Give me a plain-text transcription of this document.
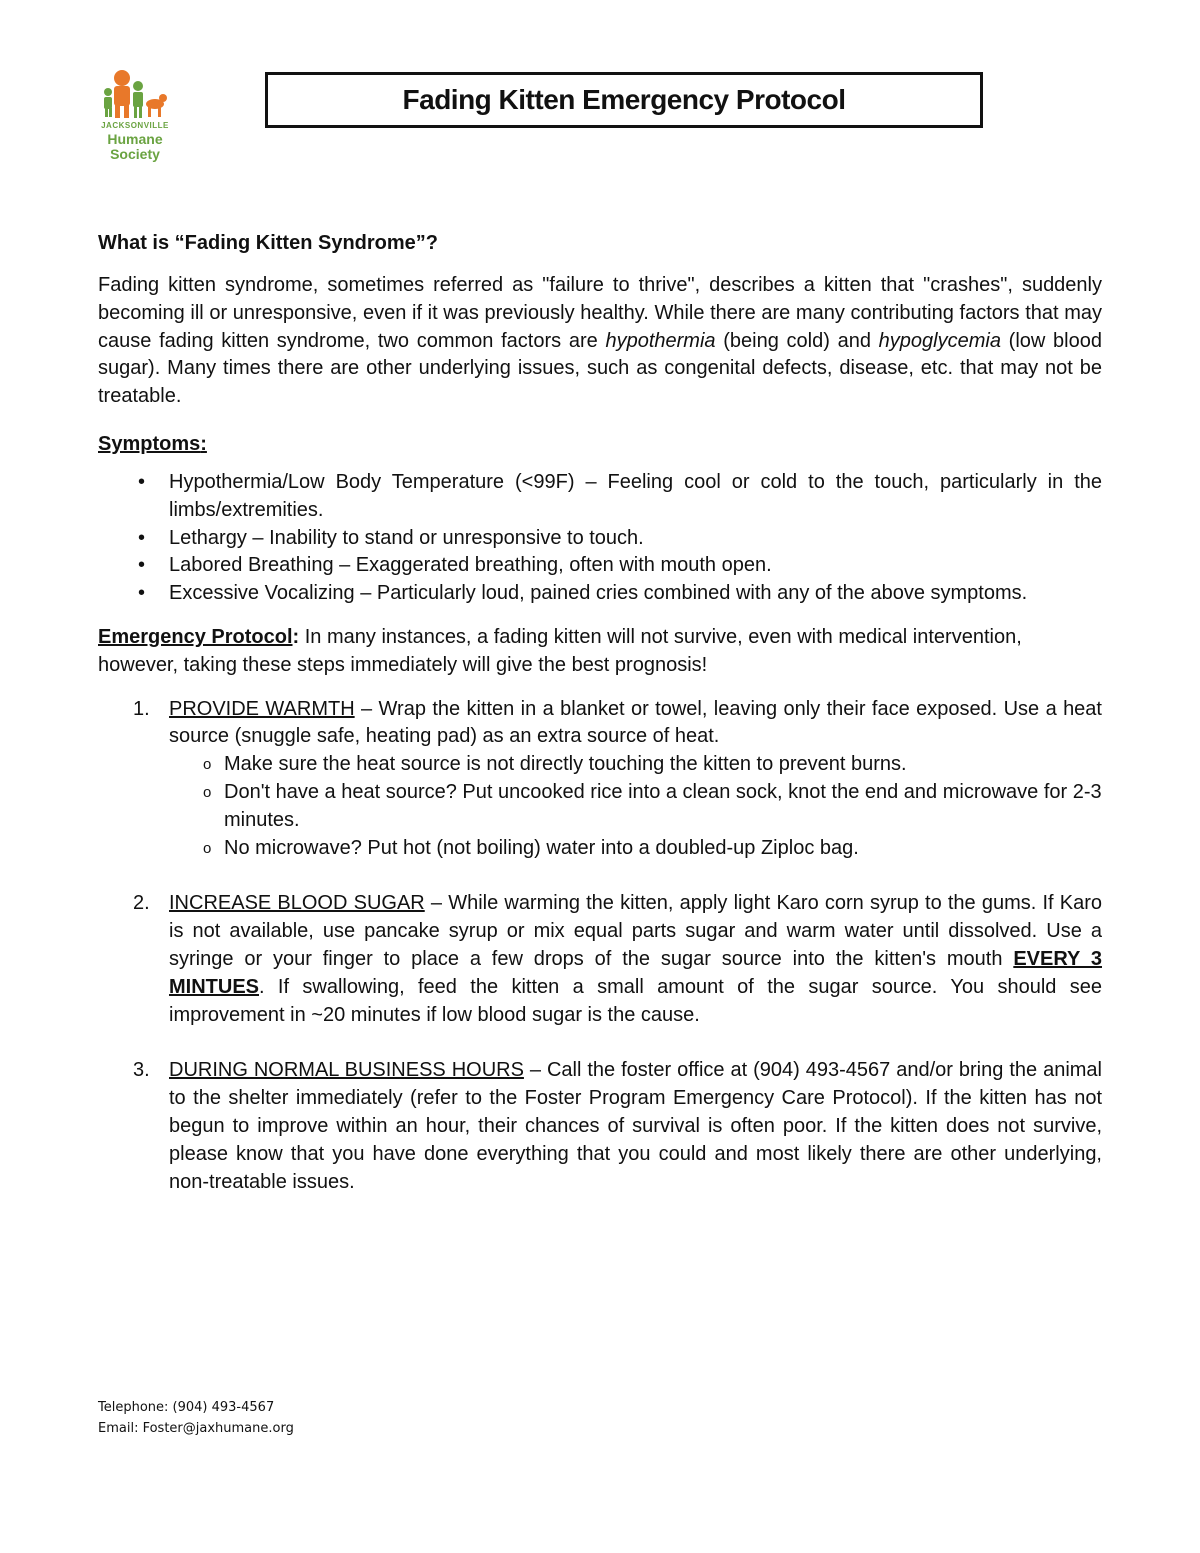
JACKSONVILLE
Humane
Society
Fading Kitten Emergency Protocol
What is “Fading Kitten Syndrome”?

Fading kitten syndrome, sometimes referred as "failure to thrive", describes a kitten that "crashes", suddenly becoming ill or unresponsive, even if it was previously healthy. While there are many contributing factors that may cause fading kitten syndrome, two common factors are hypothermia (being cold) and hypoglycemia (low blood sugar). Many times there are other underlying issues, such as congenital defects, disease, etc. that may not be treatable.

Symptoms:
• Hypothermia/Low Body Temperature (<99F) – Feeling cool or cold to the touch, particularly in the limbs/extremities.
• Lethargy – Inability to stand or unresponsive to touch.
• Labored Breathing – Exaggerated breathing, often with mouth open.
• Excessive Vocalizing – Particularly loud, pained cries combined with any of the above symptoms.

Emergency Protocol: In many instances, a fading kitten will not survive, even with medical intervention, however, taking these steps immediately will give the best prognosis!

1. PROVIDE WARMTH – Wrap the kitten in a blanket or towel, leaving only their face exposed. Use a heat source (snuggle safe, heating pad) as an extra source of heat.
o Make sure the heat source is not directly touching the kitten to prevent burns.
o Don't have a heat source? Put uncooked rice into a clean sock, knot the end and microwave for 2-3 minutes.
o No microwave? Put hot (not boiling) water into a doubled-up Ziploc bag.
2. INCREASE BLOOD SUGAR – While warming the kitten, apply light Karo corn syrup to the gums. If Karo is not available, use pancake syrup or mix equal parts sugar and warm water until dissolved. Use a syringe or your finger to place a few drops of the sugar source into the kitten's mouth EVERY 3 MINTUES. If swallowing, feed the kitten a small amount of the sugar source. You should see improvement in ~20 minutes if low blood sugar is the cause.
3. DURING NORMAL BUSINESS HOURS – Call the foster office at (904) 493-4567 and/or bring the animal to the shelter immediately (refer to the Foster Program Emergency Care Protocol). If the kitten has not begun to improve within an hour, their chances of survival is often poor. If the kitten does not survive, please know that you have done everything that you could and most likely there are other underlying, non-treatable issues.
Telephone: (904) 493-4567
Email: Foster@jaxhumane.org
